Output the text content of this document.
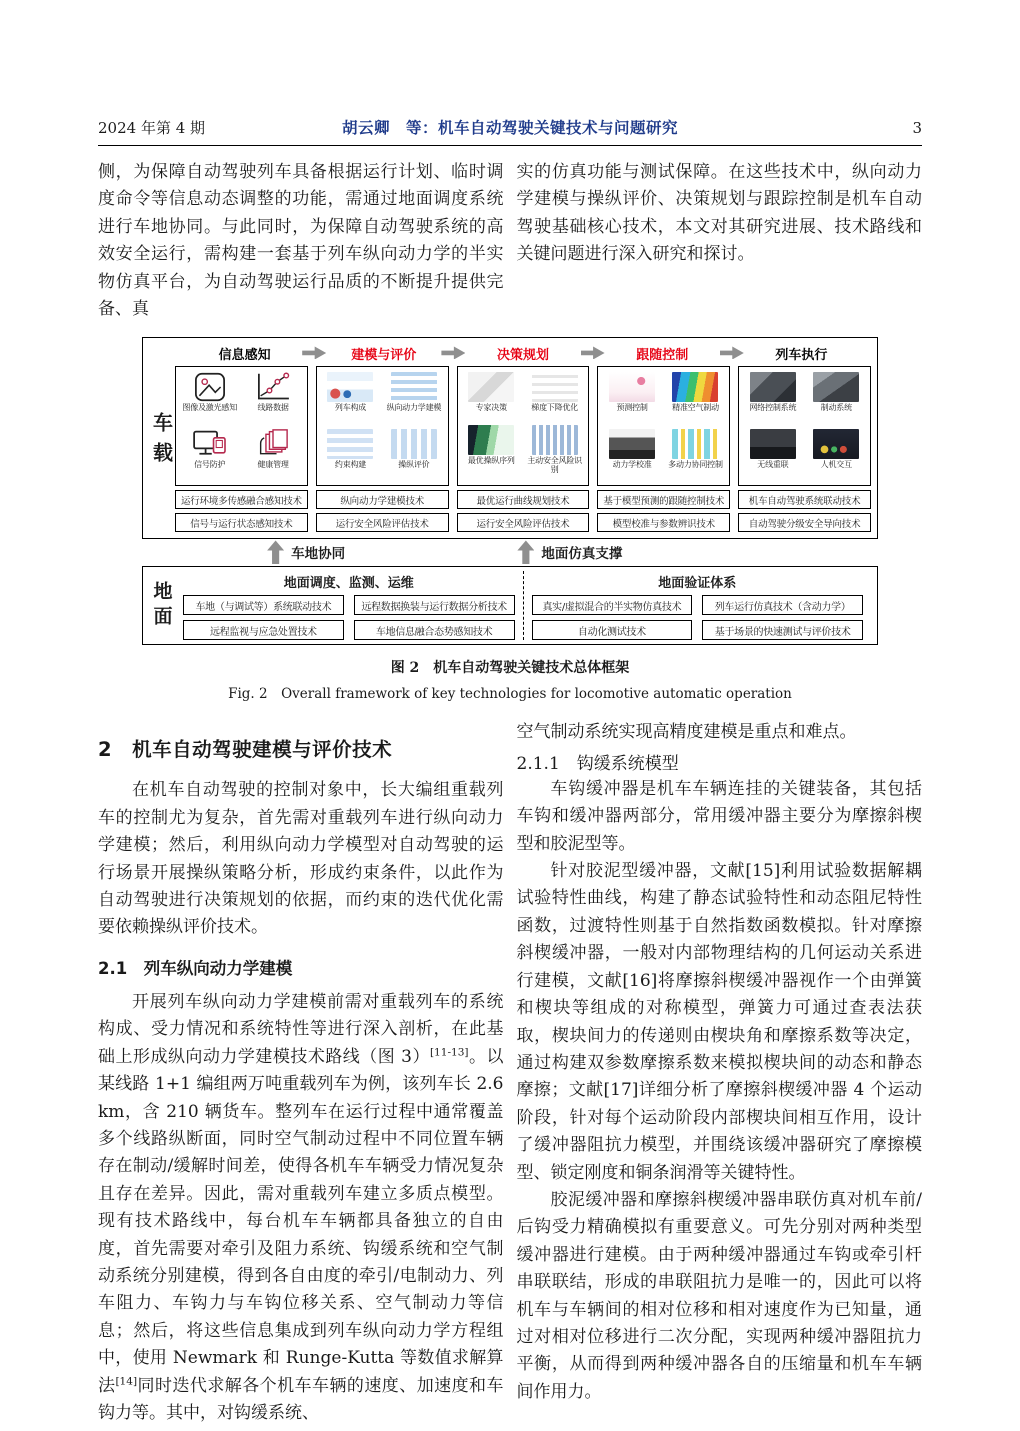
2024 年第 4 期	胡云卿　等：机车自动驾驶关键技术与问题研究	3

侧，为保障自动驾驶列车具备根据运行计划、临时调度命令等信息动态调整的功能，需通过地面调度系统进行车地协同。与此同时，为保障自动驾驶系统的高效安全运行，需构建一套基于列车纵向动力学的半实物仿真平台，为自动驾驶运行品质的不断提升提供完备、真

实的仿真功能与测试保障。在这些技术中，纵向动力学建模与操纵评价、决策规划与跟踪控制是机车自动驾驶基础核心技术，本文对其研究进展、技术路线和关键问题进行深入研究和探讨。

车载
信息感知	建模与评价	决策规划	跟随控制	列车执行
图像及激光感知	线路数据
信号防护	健康管理
运行环境多传感融合感知技术
信号与运行状态感知技术
列车构成	纵向动力学建模
约束构建	操纵评价
纵向动力学建模技术
运行安全风险评估技术
专家决策	梯度下降优化
最优操纵序列	主动安全风险识别
最优运行曲线规划技术
运行安全风险评估技术
预测控制	精准空气制动
动力学校准	多动力协同控制
基于模型预测的跟随控制技术
模型校准与参数辨识技术
网络控制系统	制动系统
无线重联	人机交互
机车自动驾驶系统联动技术
自动驾驶分级安全导向技术
车地协同	地面仿真支撑
地面	地面调度、监测、运维
车地（与调试等）系统联动技术	远程数据换装与运行数据分析技术
远程监视与应急处置技术	车地信息融合态势感知技术
地面验证体系
真实/虚拟混合的半实物仿真技术	列车运行仿真技术（含动力学）
自动化测试技术	基于场景的快速测试与评价技术
图 2　机车自动驾驶关键技术总体框架
Fig. 2　Overall framework of key technologies for locomotive automatic operation
2　机车自动驾驶建模与评价技术

在机车自动驾驶的控制对象中，长大编组重载列车的控制尤为复杂，首先需对重载列车进行纵向动力学建模；然后，利用纵向动力学模型对自动驾驶的运行场景开展操纵策略分析，形成约束条件，以此作为自动驾驶进行决策规划的依据，而约束的迭代优化需要依赖操纵评价技术。

2.1　列车纵向动力学建模

开展列车纵向动力学建模前需对重载列车的系统构成、受力情况和系统特性等进行深入剖析，在此基础上形成纵向动力学建模技术路线（图 3）[11-13]。以某线路 1+1 编组两万吨重载列车为例，该列车长 2.6 km，含 210 辆货车。整列车在运行过程中通常覆盖多个线路纵断面，同时空气制动过程中不同位置车辆存在制动/缓解时间差，使得各机车车辆受力情况复杂且存在差异。因此，需对重载列车建立多质点模型。现有技术路线中，每台机车车辆都具备独立的自由度，首先需要对牵引及阻力系统、钩缓系统和空气制动系统分别建模，得到各自由度的牵引/电制动力、列车阻力、车钩力与车钩位移关系、空气制动力等信息；然后，将这些信息集成到列车纵向动力学方程组中，使用 Newmark 和 Runge-Kutta 等数值求解算法[14]同时迭代求解各个机车车辆的速度、加速度和车钩力等。其中，对钩缓系统、

空气制动系统实现高精度建模是重点和难点。

2.1.1　钩缓系统模型

车钩缓冲器是机车车辆连挂的关键装备，其包括车钩和缓冲器两部分，常用缓冲器主要分为摩擦斜楔型和胶泥型等。

针对胶泥型缓冲器，文献[15]利用试验数据解耦试验特性曲线，构建了静态试验特性和动态阻尼特性函数，过渡特性则基于自然指数函数模拟。针对摩擦斜楔缓冲器，一般对内部物理结构的几何运动关系进行建模，文献[16]将摩擦斜楔缓冲器视作一个由弹簧和楔块等组成的对称模型，弹簧力可通过查表法获取，楔块间力的传递则由楔块角和摩擦系数等决定，通过构建双参数摩擦系数来模拟楔块间的动态和静态摩擦；文献[17]详细分析了摩擦斜楔缓冲器 4 个运动阶段，针对每个运动阶段内部楔块间相互作用，设计了缓冲器阻抗力模型，并围绕该缓冲器研究了摩擦模型、锁定刚度和铜条润滑等关键特性。

胶泥缓冲器和摩擦斜楔缓冲器串联仿真对机车前/后钩受力精确模拟有重要意义。可先分别对两种类型缓冲器进行建模。由于两种缓冲器通过车钩或牵引杆串联联结，形成的串联阻抗力是唯一的，因此可以将机车与车辆间的相对位移和相对速度作为已知量，通过对相对位移进行二次分配，实现两种缓冲器阻抗力平衡，从而得到两种缓冲器各自的压缩量和机车车辆间作用力。
